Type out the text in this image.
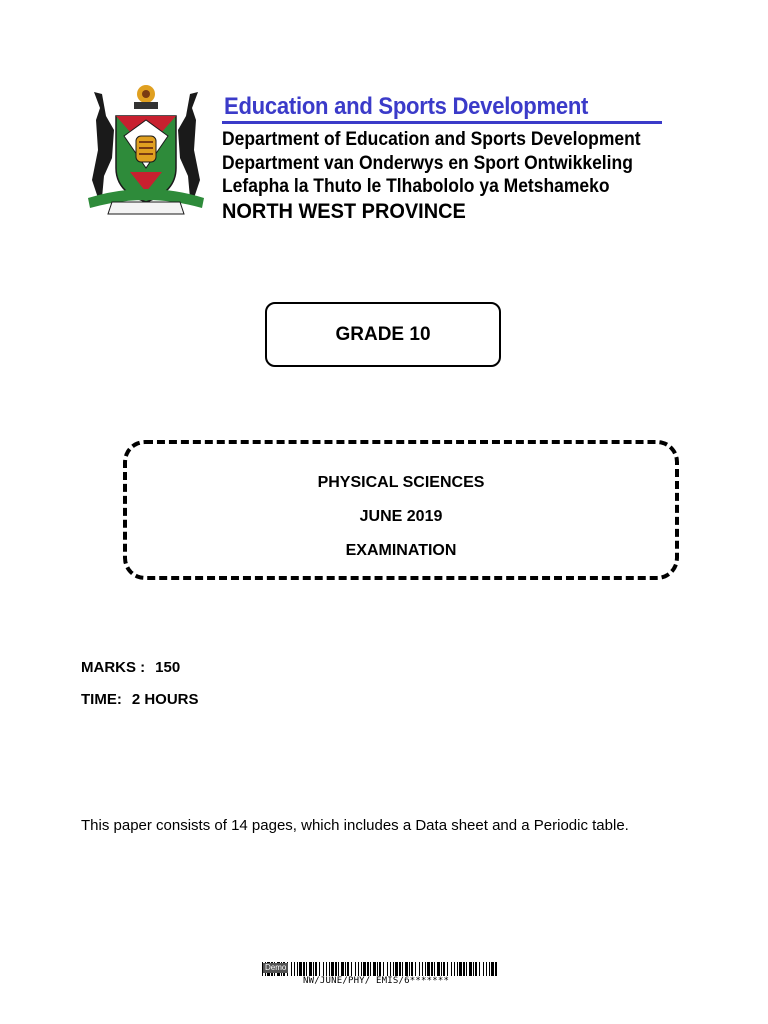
Education and Sports Development
Department of Education and Sports Development
Department van Onderwys en Sport Ontwikkeling
Lefapha la Thuto le Tlhabololo ya Metshameko
NORTH WEST PROVINCE
GRADE 10
PHYSICAL SCIENCES
JUNE 2019
EXAMINATION
MARKS : 150
TIME: 2 HOURS
This paper consists of 14 pages, which includes a Data sheet and a Periodic table.
Demo
NW/JUNE/PHY/ EMIS/6*******
